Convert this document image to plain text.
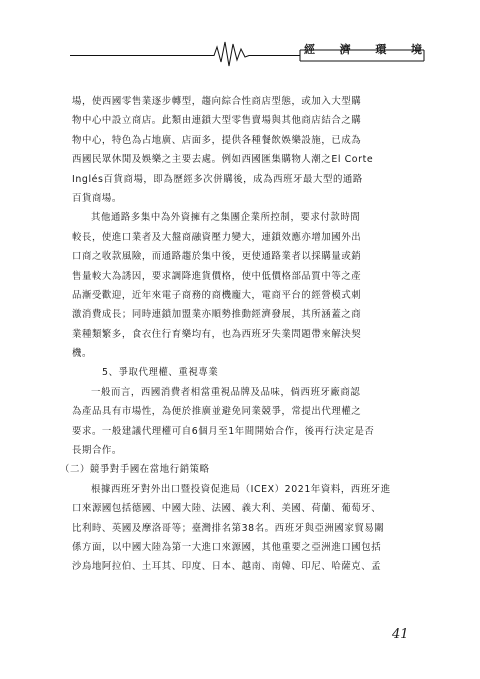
經 濟 環 境
場，使西國零售業逐步轉型，趨向綜合性商店型態，或加入大型購
物中心中設立商店。此類由連鎖大型零售賣場與其他商店結合之購
物中心，特色為占地廣、店面多，提供各種餐飲娛樂設施，已成為
西國民眾休閒及娛樂之主要去處。例如西國匯集購物人潮之El Corte
Inglés百貨商場，即為歷經多次併購後，成為西班牙最大型的通路
百貨商場。
其他通路多集中為外資擁有之集團企業所控制，要求付款時間
較長，使進口業者及大盤商融資壓力變大，連鎖效應亦增加國外出
口商之收款風險，而通路趨於集中後，更使通路業者以採購量或銷
售量較大為誘因，要求調降進貨價格，使中低價格部品質中等之產
品漸受歡迎，近年來電子商務的商機龐大，電商平台的經營模式刺
激消費成長；同時連鎖加盟業亦順勢推動經濟發展，其所涵蓋之商
業種類繁多，食衣住行育樂均有，也為西班牙失業問題帶來解決契
機。
5、爭取代理權、重視專業
一般而言，西國消費者相當重視品牌及品味，倘西班牙廠商認
為產品具有市場性，為便於推廣並避免同業競爭，常提出代理權之
要求。一般建議代理權可自6個月至1年間開始合作，後再行決定是否
長期合作。
（二）競爭對手國在當地行銷策略
根據西班牙對外出口暨投資促進局（ICEX）2021年資料，西班牙進
口來源國包括德國、中國大陸、法國、義大利、美國、荷蘭、葡萄牙、
比利時、英國及摩洛哥等；臺灣排名第38名。西班牙與亞洲國家貿易關
係方面，以中國大陸為第一大進口來源國，其他重要之亞洲進口國包括
沙烏地阿拉伯、土耳其、印度、日本、越南、南韓、印尼、哈薩克、孟
41
